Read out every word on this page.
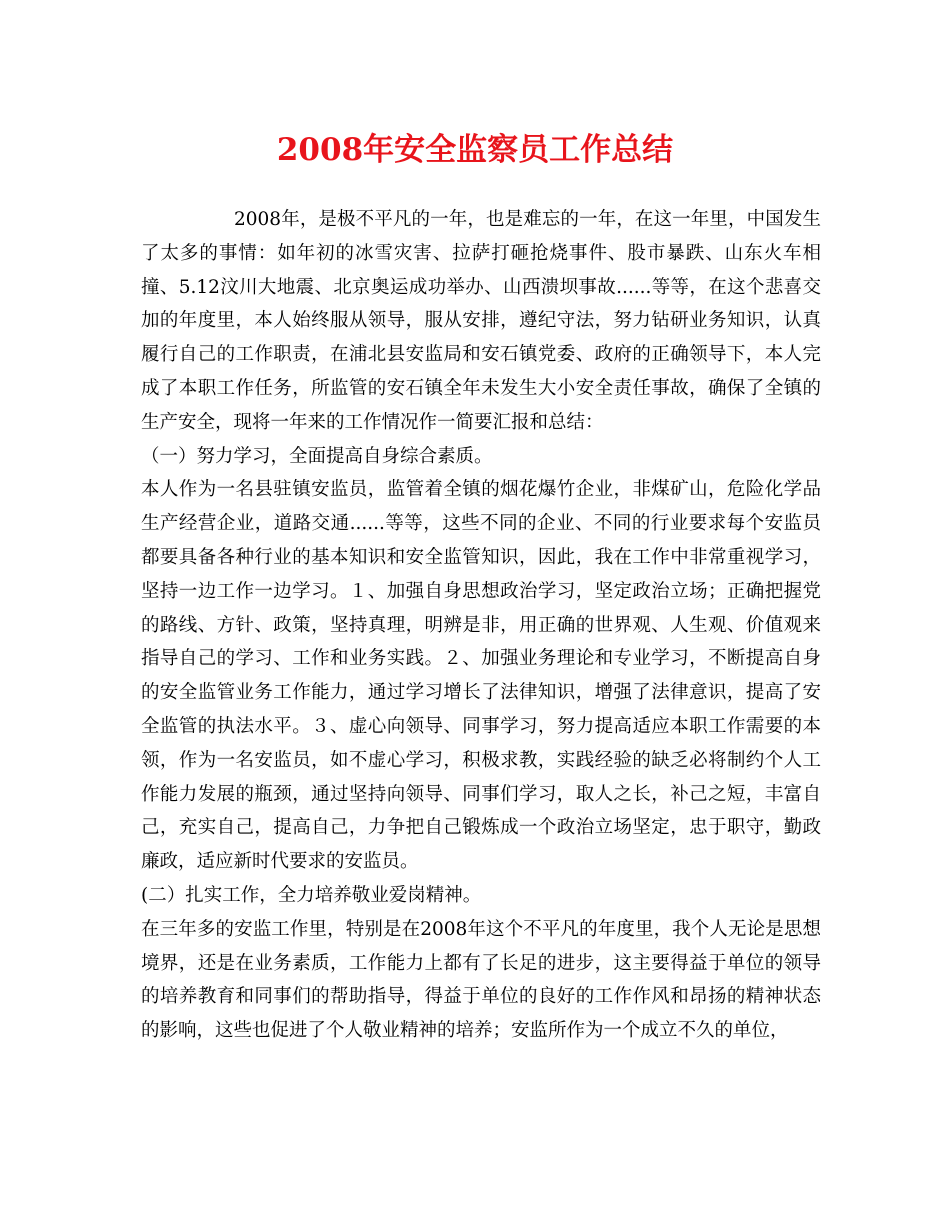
2008年安全监察员工作总结

2008年，是极不平凡的一年，也是难忘的一年，在这一年里，中国发生了太多的事情：如年初的冰雪灾害、拉萨打砸抢烧事件、股市暴跌、山东火车相撞、5.12汶川大地震、北京奥运成功举办、山西溃坝事故......等等，在这个悲喜交加的年度里，本人始终服从领导，服从安排，遵纪守法，努力钻研业务知识，认真履行自己的工作职责，在浦北县安监局和安石镇党委、政府的正确领导下，本人完成了本职工作任务，所监管的安石镇全年未发生大小安全责任事故，确保了全镇的生产安全，现将一年来的工作情况作一简要汇报和总结：

（一）努力学习，全面提高自身综合素质。

本人作为一名县驻镇安监员，监管着全镇的烟花爆竹企业，非煤矿山，危险化学品生产经营企业，道路交通......等等，这些不同的企业、不同的行业要求每个安监员都要具备各种行业的基本知识和安全监管知识，因此，我在工作中非常重视学习，坚持一边工作一边学习。１、加强自身思想政治学习，坚定政治立场；正确把握党的路线、方针、政策，坚持真理，明辨是非，用正确的世界观、人生观、价值观来指导自己的学习、工作和业务实践。２、加强业务理论和专业学习，不断提高自身的安全监管业务工作能力，通过学习增长了法律知识，增强了法律意识，提高了安全监管的执法水平。３、虚心向领导、同事学习，努力提高适应本职工作需要的本领，作为一名安监员，如不虚心学习，积极求教，实践经验的缺乏必将制约个人工作能力发展的瓶颈，通过坚持向领导、同事们学习，取人之长，补己之短，丰富自己，充实自己，提高自己，力争把自己锻炼成一个政治立场坚定，忠于职守，勤政廉政，适应新时代要求的安监员。

(二）扎实工作，全力培养敬业爱岗精神。

在三年多的安监工作里，特别是在2008年这个不平凡的年度里，我个人无论是思想境界，还是在业务素质，工作能力上都有了长足的进步，这主要得益于单位的领导的培养教育和同事们的帮助指导，得益于单位的良好的工作作风和昂扬的精神状态的影响，这些也促进了个人敬业精神的培养；安监所作为一个成立不久的单位，
